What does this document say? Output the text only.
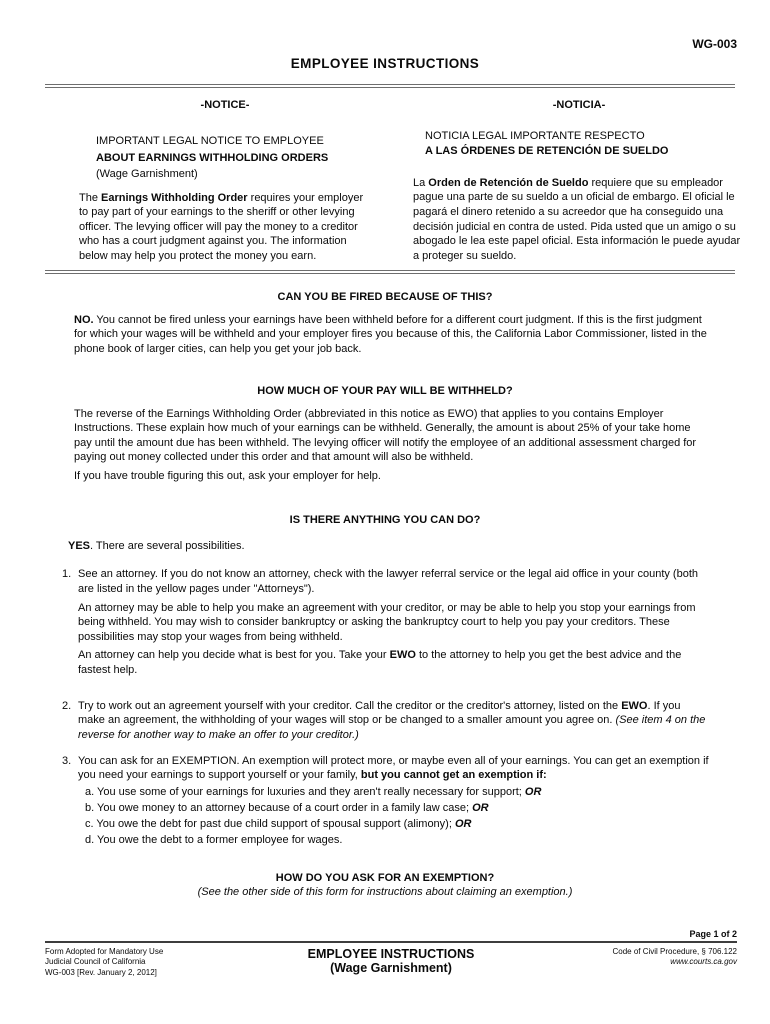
WG-003
EMPLOYEE INSTRUCTIONS
-NOTICE-
IMPORTANT LEGAL NOTICE TO EMPLOYEE
ABOUT EARNINGS WITHHOLDING ORDERS
(Wage Garnishment)
The Earnings Withholding Order requires your employer to pay part of your earnings to the sheriff or other levying officer. The levying officer will pay the money to a creditor who has a court judgment against you. The information below may help you protect the money you earn.
-NOTICIA-
NOTICIA LEGAL IMPORTANTE RESPECTO
A LAS ÓRDENES DE RETENCIÓN DE SUELDO
La Orden de Retención de Sueldo requiere que su empleador pague una parte de su sueldo a un oficial de embargo. El oficial le pagará el dinero retenido a su acreedor que ha conseguido una decisión judicial en contra de usted. Pida usted que un amigo o su abogado le lea este papel oficial. Esta información le puede ayudar a proteger su sueldo.
CAN YOU BE FIRED BECAUSE OF THIS?
NO. You cannot be fired unless your earnings have been withheld before for a different court judgment. If this is the first judgment for which your wages will be withheld and your employer fires you because of this, the California Labor Commissioner, listed in the phone book of larger cities, can help you get your job back.
HOW MUCH OF YOUR PAY WILL BE WITHHELD?
The reverse of the Earnings Withholding Order (abbreviated in this notice as EWO) that applies to you contains Employer Instructions. These explain how much of your earnings can be withheld. Generally, the amount is about 25% of your take home pay until the amount due has been withheld. The levying officer will notify the employee of an additional assessment charged for paying out money collected under this order and that amount will also be withheld.
If you have trouble figuring this out, ask your employer for help.
IS THERE ANYTHING YOU CAN DO?
YES. There are several possibilities.
1. See an attorney. If you do not know an attorney, check with the lawyer referral service or the legal aid office in your county (both are listed in the yellow pages under "Attorneys").
An attorney may be able to help you make an agreement with your creditor, or may be able to help you stop your earnings from being withheld. You may wish to consider bankruptcy or asking the bankruptcy court to help you pay your creditors. These possibilities may stop your wages from being withheld.
An attorney can help you decide what is best for you. Take your EWO to the attorney to help you get the best advice and the fastest help.
2. Try to work out an agreement yourself with your creditor. Call the creditor or the creditor's attorney, listed on the EWO. If you make an agreement, the withholding of your wages will stop or be changed to a smaller amount you agree on. (See item 4 on the reverse for another way to make an offer to your creditor.)
3. You can ask for an EXEMPTION. An exemption will protect more, or maybe even all of your earnings. You can get an exemption if you need your earnings to support yourself or your family, but you cannot get an exemption if:
a. You use some of your earnings for luxuries and they aren't really necessary for support; OR
b. You owe money to an attorney because of a court order in a family law case; OR
c. You owe the debt for past due child support of spousal support (alimony); OR
d. You owe the debt to a former employee for wages.
HOW DO YOU ASK FOR AN EXEMPTION?
(See the other side of this form for instructions about claiming an exemption.)
Page 1 of 2
Form Adopted for Mandatory Use
Judicial Council of California
WG-003 [Rev. January 2, 2012]
EMPLOYEE INSTRUCTIONS
(Wage Garnishment)
Code of Civil Procedure, § 706.122
www.courts.ca.gov
